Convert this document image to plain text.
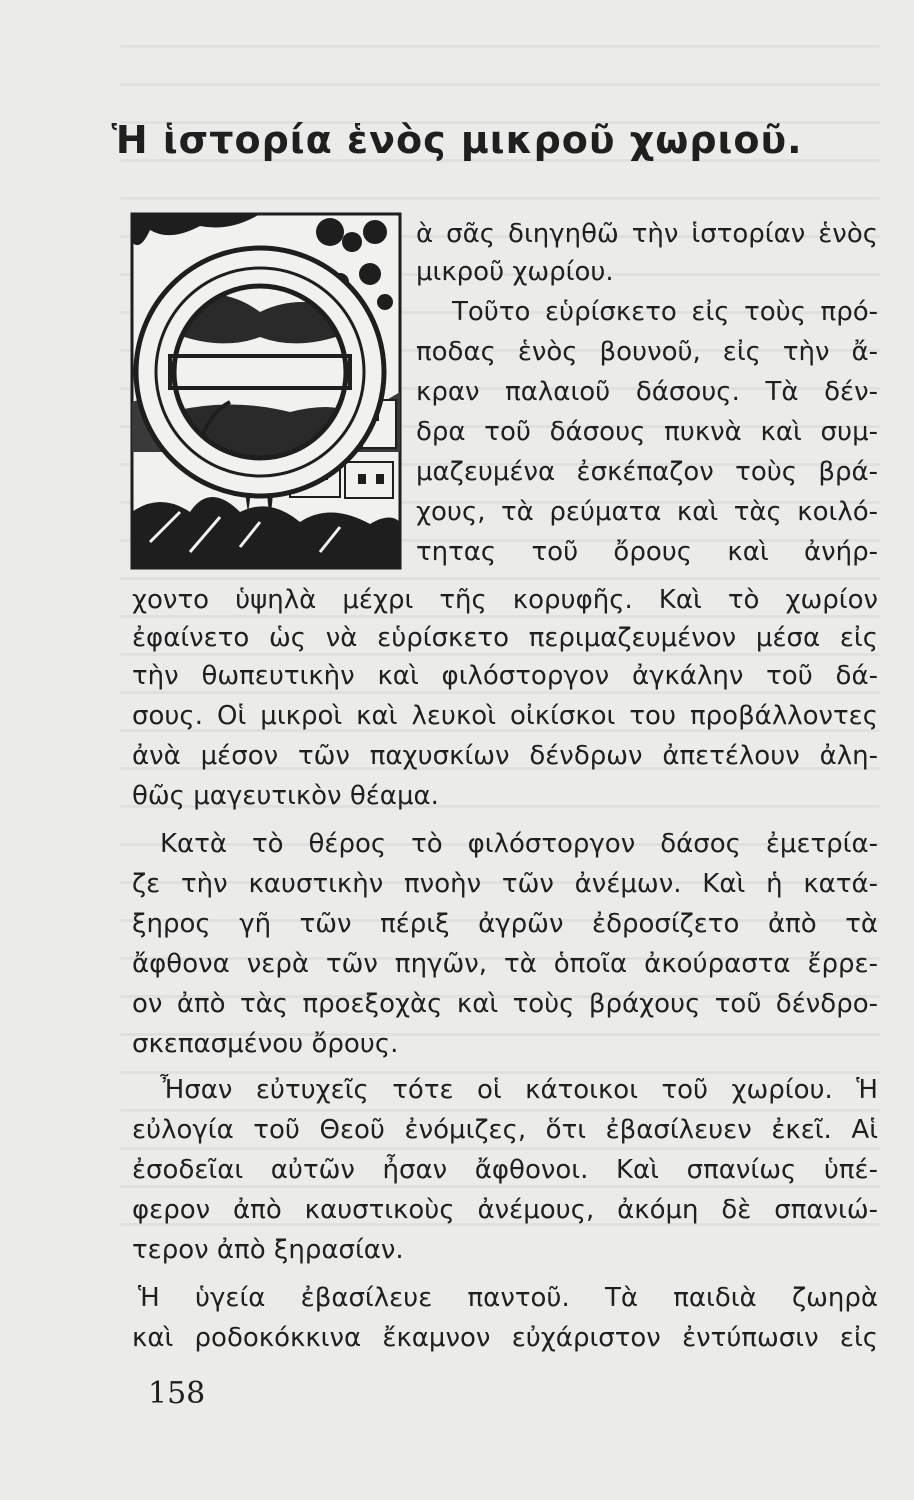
Ἡ ἱστορία ἑνὸς μικροῦ χωριοῦ.
ὰ σᾶς διηγηθῶ τὴν ἱστορίαν ἑνὸς
μικροῦ χωρίου.
Τοῦτο εὑρίσκετο εἰς τοὺς πρό-
ποδας ἑνὸς βουνοῦ, εἰς τὴν ἄ-
κραν παλαιοῦ δάσους. Τὰ δέν-
δρα τοῦ δάσους πυκνὰ καὶ συμ-
μαζευμένα ἐσκέπαζον τοὺς βρά-
χους, τὰ ρεύματα καὶ τὰς κοιλό-
τητας τοῦ ὄρους καὶ ἀνήρ-
χοντο ὑψηλὰ μέχρι τῆς κορυφῆς. Καὶ τὸ χωρίον
ἐφαίνετο ὡς νὰ εὑρίσκετο περιμαζευμένον μέσα εἰς
τὴν θωπευτικὴν καὶ φιλόστοργον ἀγκάλην τοῦ δά-
σους. Οἱ μικροὶ καὶ λευκοὶ οἰκίσκοι του προβάλλοντες
ἀνὰ μέσον τῶν παχυσκίων δένδρων ἀπετέλουν ἀλη-
θῶς μαγευτικὸν θέαμα.
Κατὰ τὸ θέρος τὸ φιλόστοργον δάσος ἐμετρία-
ζε τὴν καυστικὴν πνοὴν τῶν ἀνέμων. Καὶ ἡ κατά-
ξηρος γῆ τῶν πέριξ ἀγρῶν ἐδροσίζετο ἀπὸ τὰ
ἄφθονα νερὰ τῶν πηγῶν, τὰ ὁποῖα ἀκούραστα ἔρρε-
ον ἀπὸ τὰς προεξοχὰς καὶ τοὺς βράχους τοῦ δένδρο-
σκεπασμένου ὄρους.
Ἦσαν εὐτυχεῖς τότε οἱ κάτοικοι τοῦ χωρίου. Ἡ
εὐλογία τοῦ Θεοῦ ἐνόμιζες, ὅτι ἐβασίλευεν ἐκεῖ. Αἱ
ἐσοδεῖαι αὐτῶν ἦσαν ἄφθονοι. Καὶ σπανίως ὑπέ-
φερον ἀπὸ καυστικοὺς ἀνέμους, ἀκόμη δὲ σπανιώ-
τερον ἀπὸ ξηρασίαν.
Ἡ ὑγεία ἐβασίλευε παντοῦ. Τὰ παιδιὰ ζωηρὰ
καὶ ροδοκόκκινα ἔκαμνον εὐχάριστον ἐντύπωσιν εἰς
158
